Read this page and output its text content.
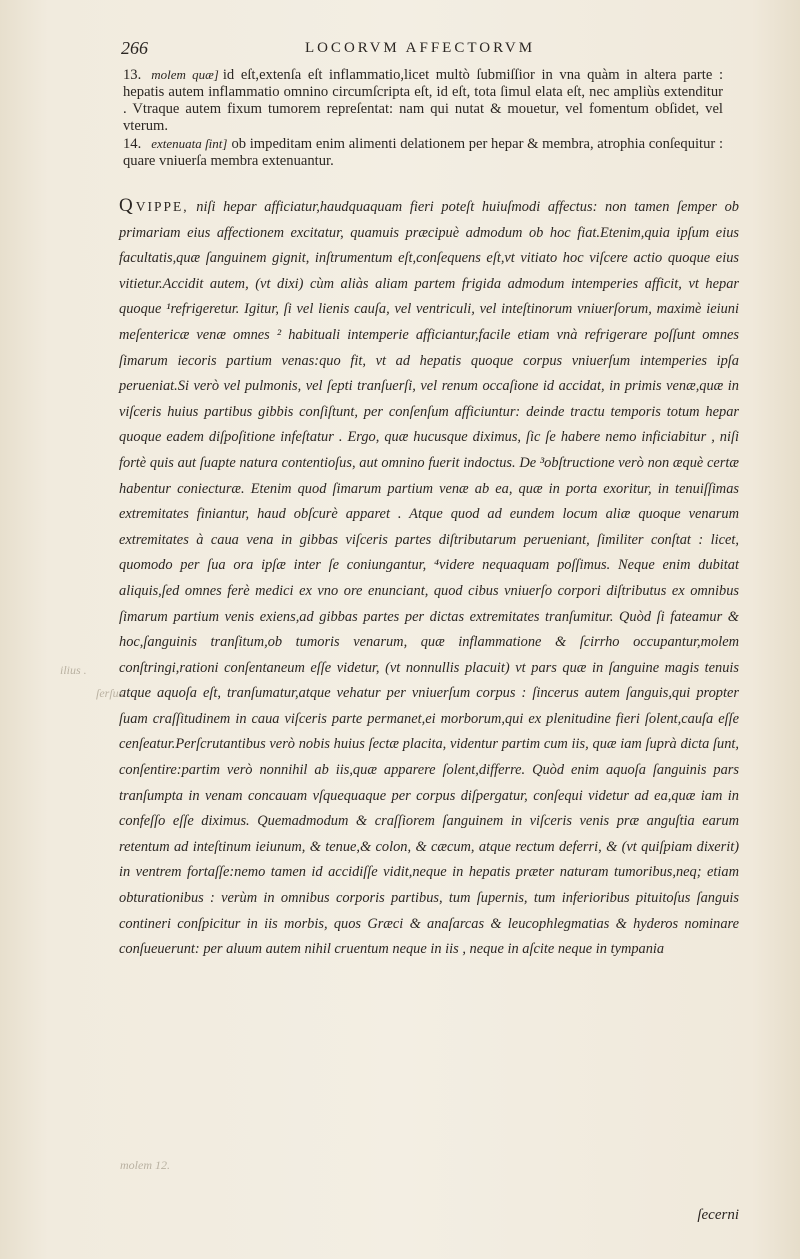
266	LOCORVM AFFECTORVM

13. molem quæ] id eſt,extenſa eſt inflammatio,licet multò ſubmiſſior in vna quàm in altera parte : hepatis autem inflammatio omnino circumſcripta eſt, id eſt, tota ſimul elata eſt, nec ampliùs extenditur . Vtraque autem fixum tumorem repreſentat: nam qui nutat & mouetur, vel fomentum obſidet, vel vterum.

14. extenuata ſint] ob impeditam enim alimenti delationem per hepar & membra, atrophia conſequitur : quare vniuerſa membra extenuantur.

Q VIPPE, niſi hepar afficiatur,haudquaquam fieri poteſt huiuſmodi affectus: non tamen ſemper ob primariam eius affectionem excitatur, quamuis præcipuè admodum ob hoc fiat.Etenim,quia ipſum eius facultatis,quæ ſanguinem gignit, inſtrumentum eſt,conſequens eſt,vt vitiato hoc viſcere actio quoque eius vitietur.Accidit autem, (vt dixi) cùm aliàs aliam partem frigida admodum intemperies afficit, vt hepar quoque ¹refrigeretur. Igitur, ſi vel lienis cauſa, vel ventriculi, vel inteſtinorum vniuerſorum, maximè ieiuni meſentericæ venæ omnes ² habituali intemperie afficiantur,facile etiam vnà refrigerare poſſunt omnes ſimarum iecoris partium venas:quo fit, vt ad hepatis quoque corpus vniuerſum intemperies ipſa perueniat.Si verò vel pulmonis, vel ſepti tranſuerſi, vel renum occaſione id accidat, in primis venæ,quæ in viſceris huius partibus gibbis conſiſtunt, per conſenſum afficiuntur: deinde tractu temporis totum hepar quoque eadem diſpoſitione infeſtatur . Ergo, quæ hucusque diximus, ſic ſe habere nemo inficiabitur , niſi fortè quis aut ſuapte natura contentioſus, aut omnino fuerit indoctus. De ³obſtructione verò non æquè certæ habentur coniecturæ. Etenim quod ſimarum partium venæ ab ea, quæ in porta exoritur, in tenuiſſimas extremitates finiantur, haud obſcurè apparet . Atque quod ad eundem locum aliæ quoque venarum extremitates à caua vena in gibbas viſceris partes diſtributarum perueniant, ſimiliter conſtat : licet, quomodo per ſua ora ipſæ inter ſe coniungantur, ⁴videre nequaquam poſſimus. Neque enim dubitat aliquis,ſed omnes ferè medici ex vno ore enunciant, quod cibus vniuerſo corpori diſtributus ex omnibus ſimarum partium venis exiens,ad gibbas partes per dictas extremitates tranſumitur. Quòd ſi fateamur & hoc,ſanguinis tranſitum,ob tumoris venarum, quæ inflammatione & ſcirrho occupantur,molem conſtringi,rationi conſentaneum eſſe videtur, (vt nonnullis placuit) vt pars quæ in ſanguine magis tenuis atque aquoſa eſt, tranſumatur,atque vehatur per vniuerſum corpus : ſincerus autem ſanguis,qui propter ſuam craſſitudinem in caua viſceris parte permanet,ei morborum,qui ex plenitudine fieri ſolent,cauſa eſſe cenſeatur.Perſcrutantibus verò nobis huius ſectæ placita, videntur partim cum iis, quæ iam ſuprà dicta ſunt, conſentire:partim verò nonnihil ab iis,quæ apparere ſolent,differre. Quòd enim aquoſa ſanguinis pars tranſumpta in venam concauam vſquequaque per corpus diſpergatur, conſequi videtur ad ea,quæ iam in confeſſo eſſe diximus. Quemadmodum & craſſiorem ſanguinem in viſceris venis præ anguſtia earum retentum ad inteſtinum ieiunum, & tenue,& colon, & cæcum, atque rectum deferri, & (vt quiſpiam dixerit) in ventrem fortaſſe:nemo tamen id accidiſſe vidit,neque in hepatis præter naturam tumoribus,neq; etiam obturationibus : verùm in omnibus corporis partibus, tum ſupernis, tum inferioribus pituitoſus ſanguis contineri conſpicitur in iis morbis, quos Græci & anaſarcas & leucophlegmatias & hyderos nominare conſueuerunt: per aluum autem nihil cruentum neque in iis , neque in aſcite neque in tympania

ſecerni
ilius .
ſerſus
molem 12.
